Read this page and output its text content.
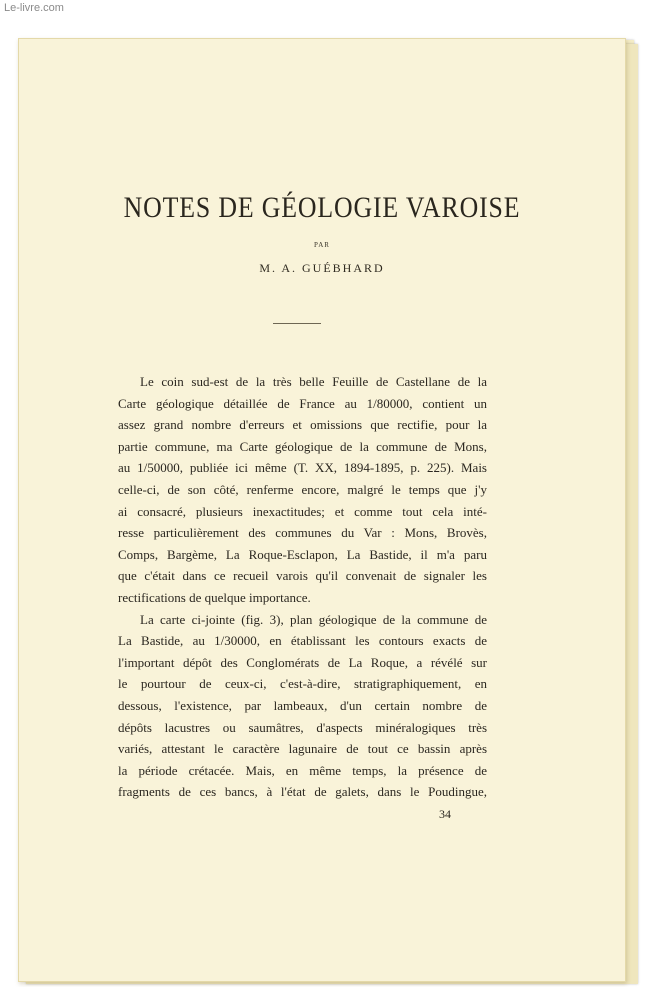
Le-livre.com
NOTES DE GÉOLOGIE VAROISE
PAR
M. A. GUÉBHARD
Le coin sud-est de la très belle Feuille de Castellane de la
Carte géologique détaillée de France au 1/80000, contient un
assez grand nombre d'erreurs et omissions que rectifie, pour la
partie commune, ma Carte géologique de la commune de Mons,
au 1/50000, publiée ici même (T. XX, 1894-1895, p. 225). Mais
celle-ci, de son côté, renferme encore, malgré le temps que j'y
ai consacré, plusieurs inexactitudes; et comme tout cela inté-
resse particulièrement des communes du Var : Mons, Brovès,
Comps, Bargème, La Roque-Esclapon, La Bastide, il m'a paru
que c'était dans ce recueil varois qu'il convenait de signaler les
rectifications de quelque importance.
La carte ci-jointe (fig. 3), plan géologique de la commune de
La Bastide, au 1/30000, en établissant les contours exacts de
l'important dépôt des Conglomérats de La Roque, a révélé sur
le pourtour de ceux-ci, c'est-à-dire, stratigraphiquement, en
dessous, l'existence, par lambeaux, d'un certain nombre de
dépôts lacustres ou saumâtres, d'aspects minéralogiques très
variés, attestant le caractère lagunaire de tout ce bassin après
la période crétacée. Mais, en même temps, la présence de
fragments de ces bancs, à l'état de galets, dans le Poudingue,
34
